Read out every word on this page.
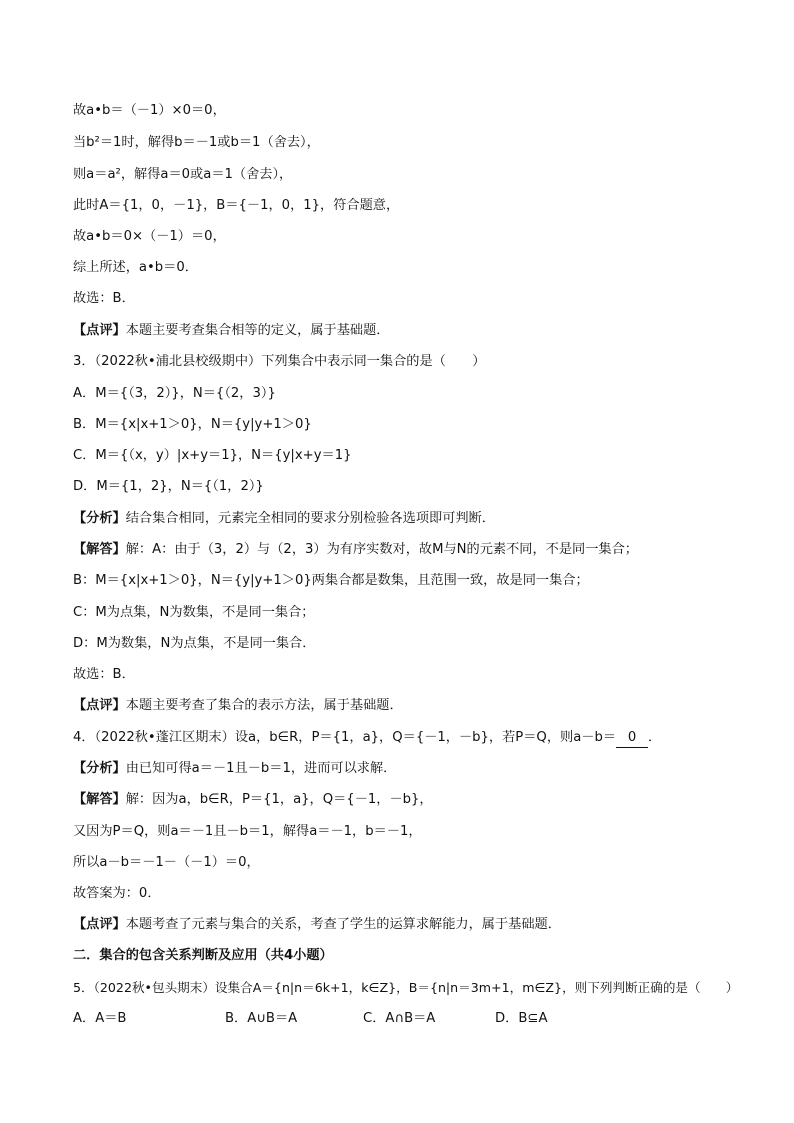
故a•b＝（－1）×0＝0，
当b²＝1时，解得b＝－1或b＝1（舍去），
则a＝a²，解得a＝0或a＝1（舍去），
此时A＝{1，0，－1}，B＝{－1，0，1}，符合题意，
故a•b＝0×（－1）＝0，
综上所述，a•b＝0．
故选：B．
【点评】本题主要考查集合相等的定义，属于基础题．
3．（2022秋•浦北县校级期中）下列集合中表示同一集合的是（　　）
A．M＝{（3，2）}，N＝{（2，3）}
B．M＝{x|x+1＞0}，N＝{y|y+1＞0}
C．M＝{（x，y）|x+y＝1}，N＝{y|x+y＝1}
D．M＝{1，2}，N＝{（1，2）}
【分析】结合集合相同，元素完全相同的要求分别检验各选项即可判断．
【解答】解：A：由于（3，2）与（2，3）为有序实数对，故M与N的元素不同，不是同一集合；
B：M＝{x|x+1＞0}，N＝{y|y+1＞0}两集合都是数集，且范围一致，故是同一集合；
C：M为点集，N为数集，不是同一集合；
D：M为数集，N为点集，不是同一集合．
故选：B．
【点评】本题主要考查了集合的表示方法，属于基础题．
4．（2022秋•蓬江区期末）设a，b∈R，P＝{1，a}，Q＝{－1，－b}，若P＝Q，则a－b＝ 0 ．
【分析】由已知可得a＝－1且－b＝1，进而可以求解．
【解答】解：因为a，b∈R，P＝{1，a}，Q＝{－1，－b}，
又因为P＝Q，则a＝－1且－b＝1，解得a＝－1，b＝－1，
所以a－b＝－1－（－1）＝0，
故答案为：0．
【点评】本题考查了元素与集合的关系，考查了学生的运算求解能力，属于基础题．
二．集合的包含关系判断及应用（共4小题）
5．（2022秋•包头期末）设集合A＝{n|n＝6k+1，k∈Z}，B＝{n|n＝3m+1，m∈Z}，则下列判断正确的是（　　）
A．A＝B	B．A∪B＝A	C．A∩B＝A	D．B⊆A
